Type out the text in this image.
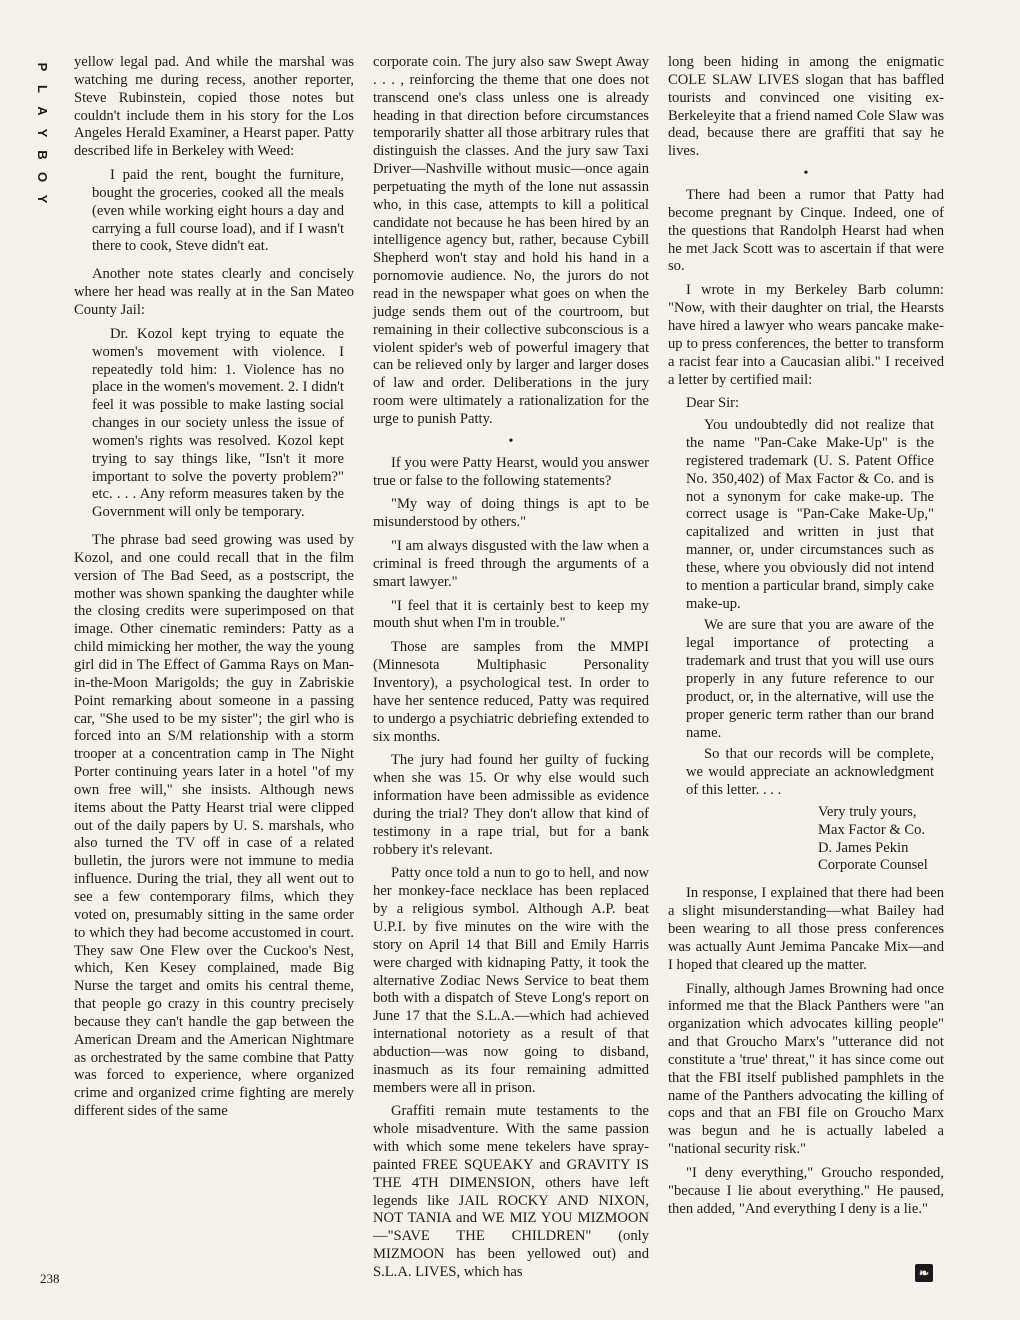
P
L
A
Y
B
O
Y

yellow legal pad. And while the marshal was watching me during recess, another reporter, Steve Rubinstein, copied those notes but couldn't include them in his story for the Los Angeles Herald Examiner, a Hearst paper. Patty described life in Berkeley with Weed:

I paid the rent, bought the furniture, bought the groceries, cooked all the meals (even while working eight hours a day and carrying a full course load), and if I wasn't there to cook, Steve didn't eat.

Another note states clearly and concisely where her head was really at in the San Mateo County Jail:

Dr. Kozol kept trying to equate the women's movement with violence. I repeatedly told him: 1. Violence has no place in the women's movement. 2. I didn't feel it was possible to make lasting social changes in our society unless the issue of women's rights was resolved. Kozol kept trying to say things like, "Isn't it more important to solve the poverty problem?" etc. . . . Any reform measures taken by the Government will only be temporary.

The phrase bad seed growing was used by Kozol, and one could recall that in the film version of The Bad Seed, as a postscript, the mother was shown spanking the daughter while the closing credits were superimposed on that image. Other cinematic reminders: Patty as a child mimicking her mother, the way the young girl did in The Effect of Gamma Rays on Man-in-the-Moon Marigolds; the guy in Zabriskie Point remarking about someone in a passing car, "She used to be my sister"; the girl who is forced into an S/M relationship with a storm trooper at a concentration camp in The Night Porter continuing years later in a hotel "of my own free will," she insists. Although news items about the Patty Hearst trial were clipped out of the daily papers by U. S. marshals, who also turned the TV off in case of a related bulletin, the jurors were not immune to media influence. During the trial, they all went out to see a few contemporary films, which they voted on, presumably sitting in the same order to which they had become accustomed in court. They saw One Flew over the Cuckoo's Nest, which, Ken Kesey complained, made Big Nurse the target and omits his central theme, that people go crazy in this country precisely because they can't handle the gap between the American Dream and the American Nightmare as orchestrated by the same combine that Patty was forced to experience, where organized crime and organized crime fighting are merely different sides of the same

corporate coin. The jury also saw Swept Away . . . , reinforcing the theme that one does not transcend one's class unless one is already heading in that direction before circumstances temporarily shatter all those arbitrary rules that distinguish the classes. And the jury saw Taxi Driver—Nashville without music—once again perpetuating the myth of the lone nut assassin who, in this case, attempts to kill a political candidate not because he has been hired by an intelligence agency but, rather, because Cybill Shepherd won't stay and hold his hand in a pornomovie audience. No, the jurors do not read in the newspaper what goes on when the judge sends them out of the courtroom, but remaining in their collective subconscious is a violent spider's web of powerful imagery that can be relieved only by larger and larger doses of law and order. Deliberations in the jury room were ultimately a rationalization for the urge to punish Patty.

•

If you were Patty Hearst, would you answer true or false to the following statements?

"My way of doing things is apt to be misunderstood by others."

"I am always disgusted with the law when a criminal is freed through the arguments of a smart lawyer."

"I feel that it is certainly best to keep my mouth shut when I'm in trouble."

Those are samples from the MMPI (Minnesota Multiphasic Personality Inventory), a psychological test. In order to have her sentence reduced, Patty was required to undergo a psychiatric debriefing extended to six months.

The jury had found her guilty of fucking when she was 15. Or why else would such information have been admissible as evidence during the trial? They don't allow that kind of testimony in a rape trial, but for a bank robbery it's relevant.

Patty once told a nun to go to hell, and now her monkey-face necklace has been replaced by a religious symbol. Although A.P. beat U.P.I. by five minutes on the wire with the story on April 14 that Bill and Emily Harris were charged with kidnaping Patty, it took the alternative Zodiac News Service to beat them both with a dispatch of Steve Long's report on June 17 that the S.L.A.—which had achieved international notoriety as a result of that abduction—was now going to disband, inasmuch as its four remaining admitted members were all in prison.

Graffiti remain mute testaments to the whole misadventure. With the same passion with which some mene tekelers have spray-painted FREE SQUEAKY and GRAVITY IS THE 4TH DIMENSION, others have left legends like JAIL ROCKY AND NIXON, NOT TANIA and WE MIZ YOU MIZMOON—"SAVE THE CHILDREN" (only MIZMOON has been yellowed out) and S.L.A. LIVES, which has

long been hiding in among the enigmatic COLE SLAW LIVES slogan that has baffled tourists and convinced one visiting ex-Berkeleyite that a friend named Cole Slaw was dead, because there are graffiti that say he lives.

•

There had been a rumor that Patty had become pregnant by Cinque. Indeed, one of the questions that Randolph Hearst had when he met Jack Scott was to ascertain if that were so.

I wrote in my Berkeley Barb column: "Now, with their daughter on trial, the Hearsts have hired a lawyer who wears pancake make-up to press conferences, the better to transform a racist fear into a Caucasian alibi." I received a letter by certified mail:

Dear Sir:

You undoubtedly did not realize that the name "Pan-Cake Make-Up" is the registered trademark (U. S. Patent Office No. 350,402) of Max Factor & Co. and is not a synonym for cake make-up. The correct usage is "Pan-Cake Make-Up," capitalized and written in just that manner, or, under circumstances such as these, where you obviously did not intend to mention a particular brand, simply cake make-up.

We are sure that you are aware of the legal importance of protecting a trademark and trust that you will use ours properly in any future reference to our product, or, in the alternative, will use the proper generic term rather than our brand name.

So that our records will be complete, we would appreciate an acknowledgment of this letter. . . .

Very truly yours,
Max Factor & Co.
D. James Pekin
Corporate Counsel

In response, I explained that there had been a slight misunderstanding—what Bailey had been wearing to all those press conferences was actually Aunt Jemima Pancake Mix—and I hoped that cleared up the matter.

Finally, although James Browning had once informed me that the Black Panthers were "an organization which advocates killing people" and that Groucho Marx's "utterance did not constitute a 'true' threat," it has since come out that the FBI itself published pamphlets in the name of the Panthers advocating the killing of cops and that an FBI file on Groucho Marx was begun and he is actually labeled a "national security risk."

"I deny everything," Groucho responded, "because I lie about everything." He paused, then added, "And everything I deny is a lie."

238	❧
